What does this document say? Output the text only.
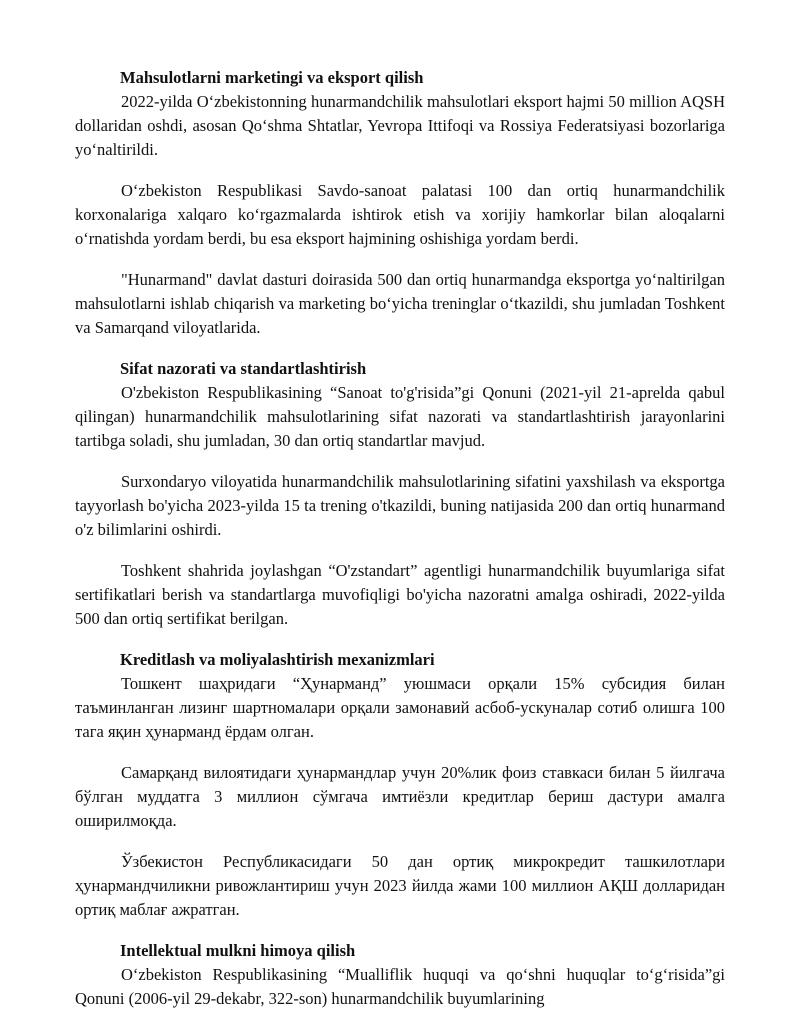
Mahsulotlarni marketingi va eksport qilish

2022-yilda O‘zbekistonning hunarmandchilik mahsulotlari eksport hajmi 50 million AQSH dollaridan oshdi, asosan Qo‘shma Shtatlar, Yevropa Ittifoqi va Rossiya Federatsiyasi bozorlariga yo‘naltirildi.

O‘zbekiston Respublikasi Savdo-sanoat palatasi 100 dan ortiq hunarmandchilik korxonalariga xalqaro ko‘rgazmalarda ishtirok etish va xorijiy hamkorlar bilan aloqalarni o‘rnatishda yordam berdi, bu esa eksport hajmining oshishiga yordam berdi.

"Hunarmand" davlat dasturi doirasida 500 dan ortiq hunarmandga eksportga yo‘naltirilgan mahsulotlarni ishlab chiqarish va marketing bo‘yicha treninglar o‘tkazildi, shu jumladan Toshkent va Samarqand viloyatlarida.

Sifat nazorati va standartlashtirish

O'zbekiston Respublikasining “Sanoat to'g'risida”gi Qonuni (2021-yil 21-aprelda qabul qilingan) hunarmandchilik mahsulotlarining sifat nazorati va standartlashtirish jarayonlarini tartibga soladi, shu jumladan, 30 dan ortiq standartlar mavjud.

Surxondaryo viloyatida hunarmandchilik mahsulotlarining sifatini yaxshilash va eksportga tayyorlash bo'yicha 2023-yilda 15 ta trening o'tkazildi, buning natijasida 200 dan ortiq hunarmand o'z bilimlarini oshirdi.

Toshkent shahrida joylashgan “O'zstandart” agentligi hunarmandchilik buyumlariga sifat sertifikatlari berish va standartlarga muvofiqligi bo'yicha nazoratni amalga oshiradi, 2022-yilda 500 dan ortiq sertifikat berilgan.

Kreditlash va moliyalashtirish mexanizmlari

Тошкент шаҳридаги “Ҳунарманд” уюшмаси орқали 15% субсидия билан таъминланган лизинг шартномалари орқали замонавий асбоб-ускуналар сотиб олишга 100 тага яқин ҳунарманд ёрдам олган.

Самарқанд вилоятидаги ҳунармандлар учун 20%лик фоиз ставкаси билан 5 йилгача бўлган муддатга 3 миллион сўмгача имтиёзли кредитлар бериш дастури амалга оширилмоқда.

Ўзбекистон Республикасидаги 50 дан ортиқ микрокредит ташкилотлари ҳунармандчиликни ривожлантириш учун 2023 йилда жами 100 миллион АҚШ долларидан ортиқ маблағ ажратган.

Intellektual mulkni himoya qilish

O‘zbekiston Respublikasining “Mualliflik huquqi va qo‘shni huquqlar to‘g‘risida”gi Qonuni (2006-yil 29-dekabr, 322-son) hunarmandchilik buyumlarining
